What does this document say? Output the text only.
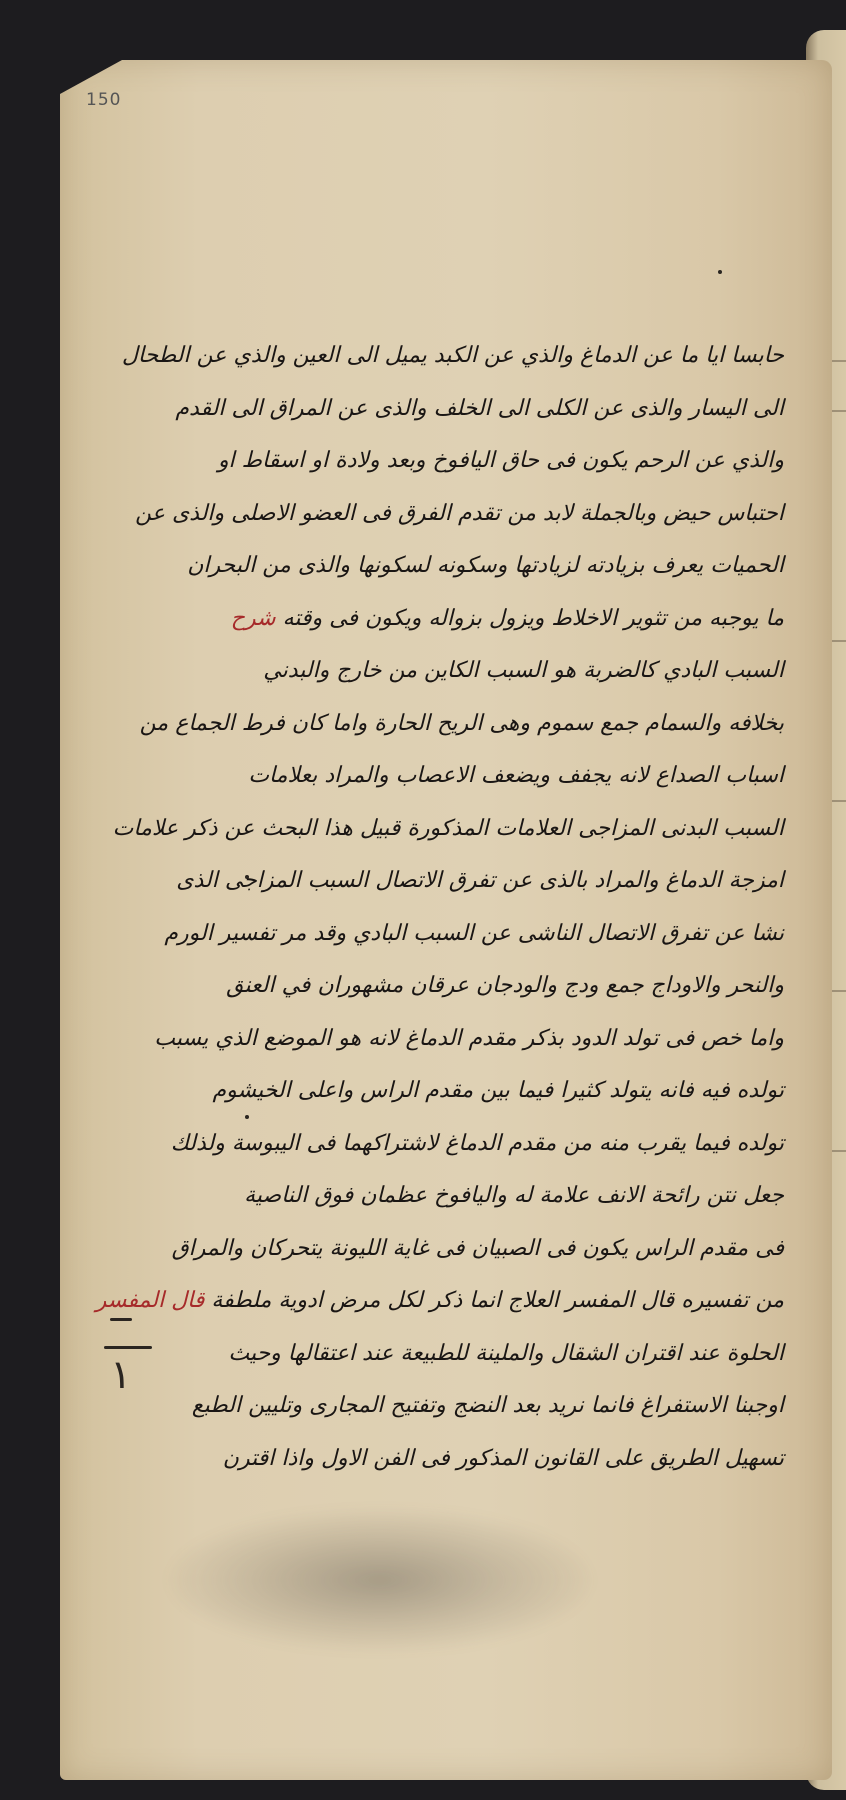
150
حابسا ايا ما عن الدماغ والذي عن الكبد يميل الى العين والذي عن الطحال
الى اليسار والذى عن الكلى الى الخلف والذى عن المراق الى القدم
والذي عن الرحم يكون فى حاق اليافوخ وبعد ولادة او اسقاط او
احتباس حيض وبالجملة لابد من تقدم الفرق فى العضو الاصلى والذى عن
الحميات يعرف بزيادته لزيادتها وسكونه لسكونها والذى من البحران
ما يوجبه من تثوير الاخلاط ويزول بزواله ويكون فى وقته شرح
السبب البادي كالضربة هو السبب الكاين من خارج والبدني
بخلافه والسمام جمع سموم وهى الريح الحارة واما كان فرط الجماع من
اسباب الصداع لانه يجفف ويضعف الاعصاب والمراد بعلامات
السبب البدنى المزاجى العلامات المذكورة قبيل هذا البحث عن ذكر علامات
امزجة الدماغ والمراد بالذى عن تفرق الاتصال السبب المزاجى الذى
نشا عن تفرق الاتصال الناشى عن السبب البادي وقد مر تفسير الورم
والنحر والاوداج جمع ودج والودجان عرقان مشهوران في العنق
واما خص فى تولد الدود بذكر مقدم الدماغ لانه هو الموضع الذي يسبب
تولده فيه فانه يتولد كثيرا فيما بين مقدم الراس واعلى الخيشوم
تولده فيما يقرب منه من مقدم الدماغ لاشتراكهما فى اليبوسة ولذلك
جعل نتن رائحة الانف علامة له واليافوخ عظمان فوق الناصية
فى مقدم الراس يكون فى الصبيان فى غاية الليونة يتحركان والمراق
من تفسيره قال المفسر العلاج انما ذكر لكل مرض ادوية ملطفة قال المفسر
الحلوة عند اقتران الشقال والملينة للطبيعة عند اعتقالها وحيث
اوجبنا الاستفراغ فانما نريد بعد النضج وتفتيح المجارى وتليين الطبع
تسهيل الطريق على القانون المذكور فى الفن الاول واذا اقترن
١
